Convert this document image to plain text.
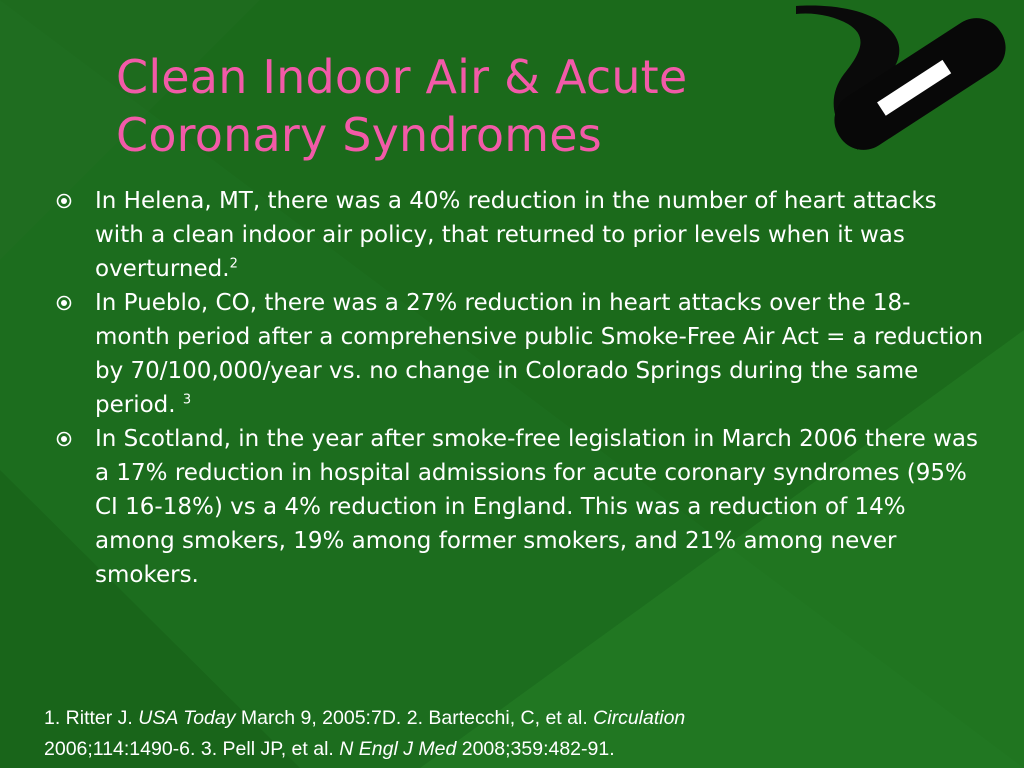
Clean Indoor Air & Acute
Coronary Syndromes
In Helena, MT, there was a 40% reduction in the number of heart attacks with a clean indoor air policy, that returned to prior levels when it was overturned.$^2$
In Pueblo, CO, there was a 27% reduction in heart attacks over the 18-month period after a comprehensive public Smoke-Free Air Act = a reduction by 70/100,000/year vs. no change in Colorado Springs during the same period. $^3$
In Scotland, in the year after smoke-free legislation in March 2006 there was a 17% reduction in hospital admissions for acute coronary syndromes (95% CI 16-18%) vs a 4% reduction in England. This was a reduction of 14% among smokers, 19% among former smokers, and 21% among never smokers.
1. Ritter J. USA Today March 9, 2005:7D. 2. Bartecchi, C, et al. Circulation
2006;114:1490-6. 3. Pell JP, et al. N Engl J Med 2008;359:482-91.
